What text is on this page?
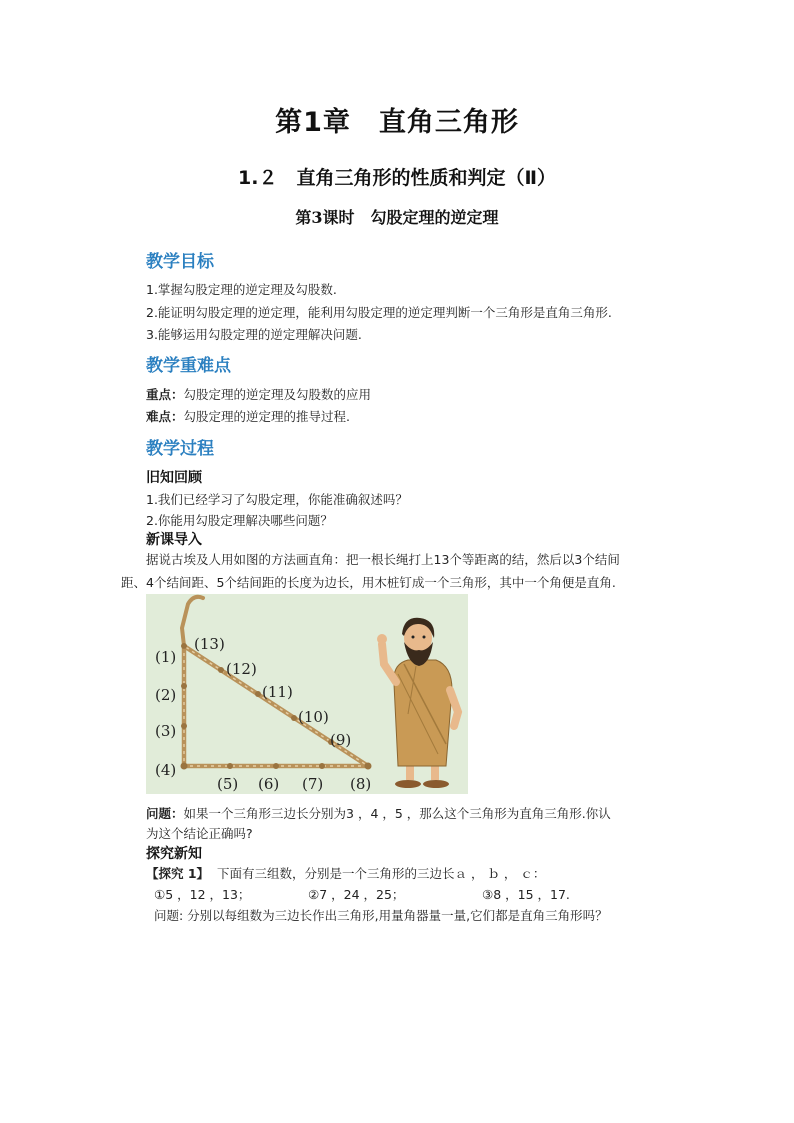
第1章　直角三角形
1.２　直角三角形的性质和判定（Ⅱ）
第3课时　勾股定理的逆定理
教学目标
1.掌握勾股定理的逆定理及勾股数.
2.能证明勾股定理的逆定理，能利用勾股定理的逆定理判断一个三角形是直角三角形.
3.能够运用勾股定理的逆定理解决问题.
教学重难点
重点：勾股定理的逆定理及勾股数的应用
难点：勾股定理的逆定理的推导过程.
教学过程
旧知回顾
1.我们已经学习了勾股定理，你能准确叙述吗？
2.你能用勾股定理解决哪些问题？
新课导入
据说古埃及人用如图的方法画直角：把一根长绳打上13个等距离的结，然后以3个结间
距、4个结间距、5个结间距的长度为边长，用木桩钉成一个三角形，其中一个角便是直角.
(1)
(2)
(3)
(4)
(5) (6) (7) (8)
(9)
(10)
(11)
(12)
(13)
问题：如果一个三角形三边长分别为3 ，4 ，5 ，那么这个三角形为直角三角形.你认
为这个结论正确吗?
探究新知
【探究 1】 下面有三组数，分别是一个三角形的三边长ａ ， ｂ ， ｃ：
①5 ，12 ，13；	②7 ，24 ，25；	③8 ，15 ，17.
问题: 分别以每组数为三边长作出三角形,用量角器量一量,它们都是直角三角形吗？
